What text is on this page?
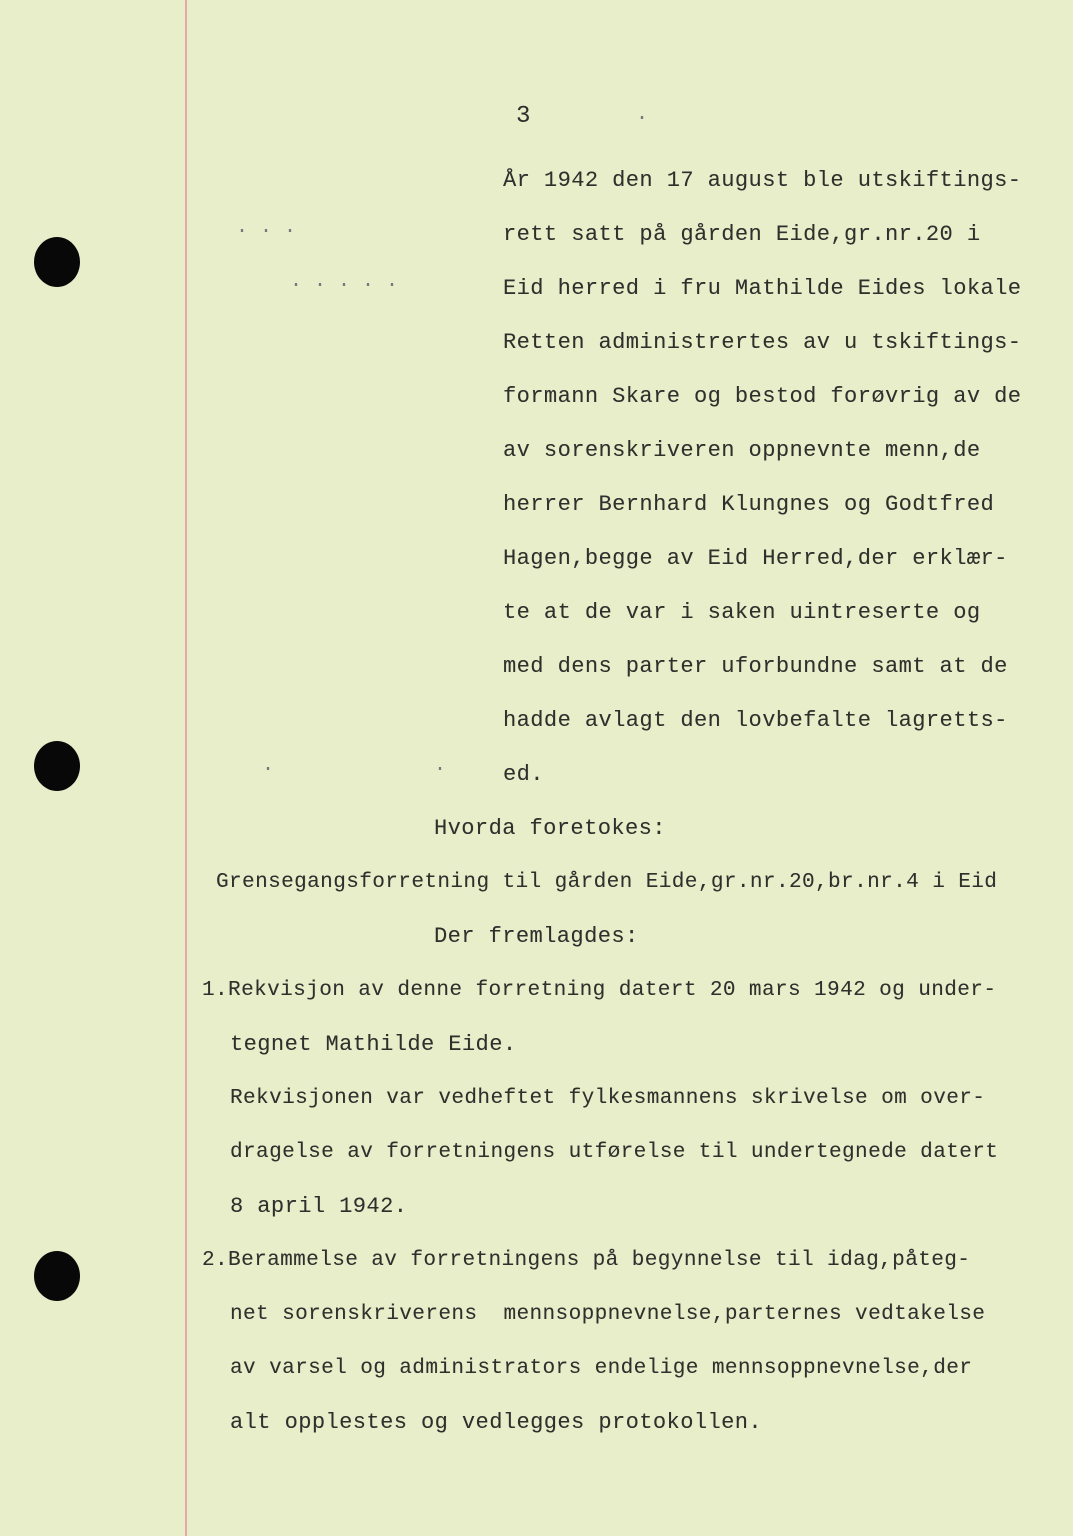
3	.
. . .
. . . . .
.	.
År 1942 den 17 august ble utskiftings-
rett satt på gården Eide,gr.nr.20 i
Eid herred i fru Mathilde Eides lokale
Retten administrertes av u tskiftings-
formann Skare og bestod forøvrig av de
av sorenskriveren oppnevnte menn,de
herrer Bernhard Klungnes og Godtfred
Hagen,begge av Eid Herred,der erklær-
te at de var i saken uintreserte og
med dens parter uforbundne samt at de
hadde avlagt den lovbefalte lagretts-
ed.
Hvorda foretokes:
Grensegangsforretning til gården Eide,gr.nr.20,br.nr.4 i Eid
Der fremlagdes:
1.Rekvisjon av denne forretning datert 20 mars 1942 og under-
tegnet Mathilde Eide.
Rekvisjonen var vedheftet fylkesmannens skrivelse om over-
dragelse av forretningens utførelse til undertegnede datert
8 april 1942.
2.Berammelse av forretningens på begynnelse til idag,påteg-
net sorenskriverens  mennsoppnevnelse,parternes vedtakelse
av varsel og administrators endelige mennsoppnevnelse,der
alt opplestes og vedlegges protokollen.
